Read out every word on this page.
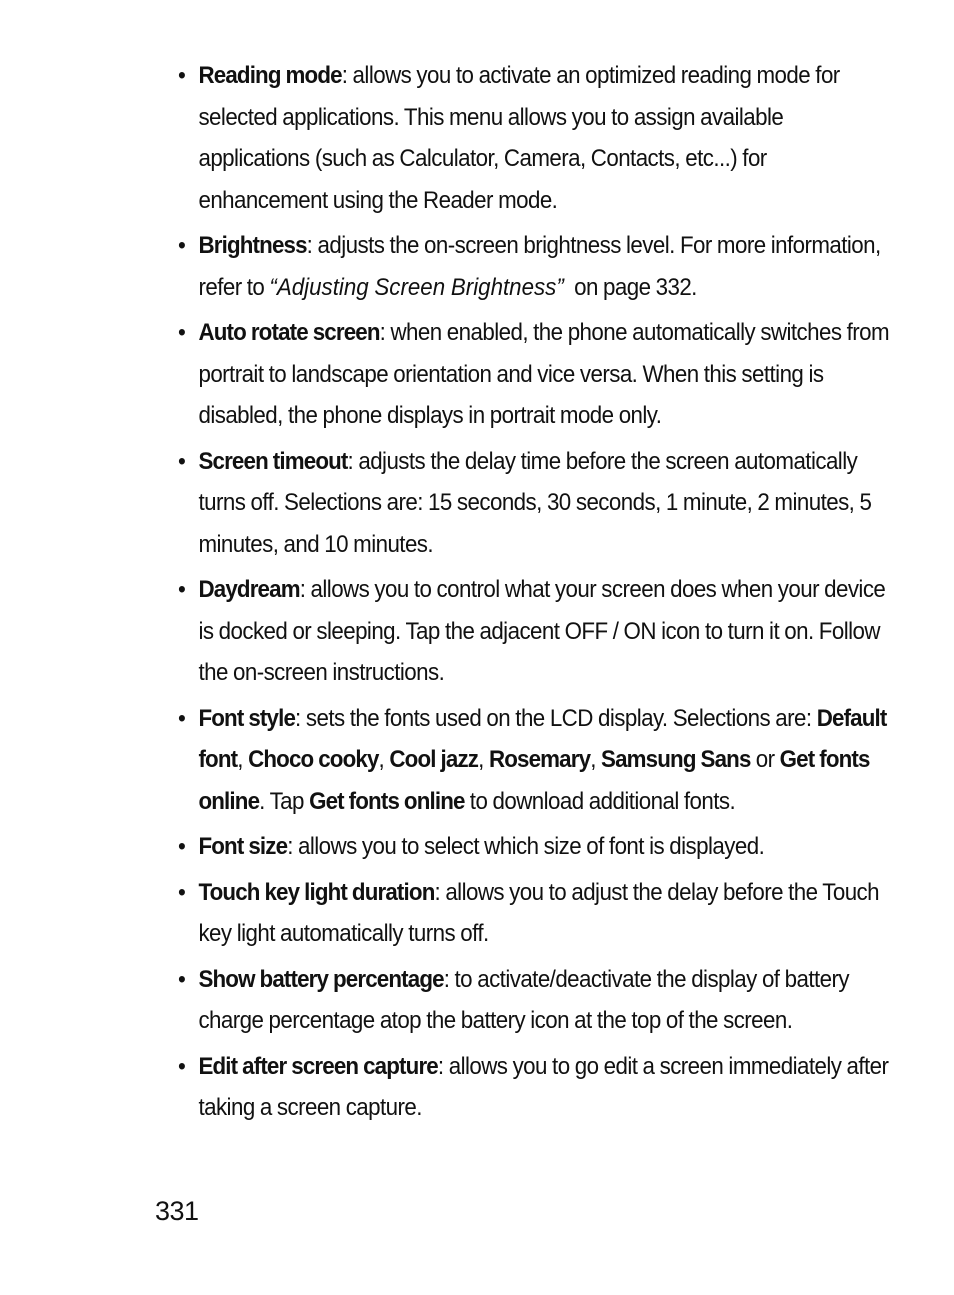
• Reading mode: allows you to activate an optimized reading mode for selected applications. This menu allows you to assign available applications (such as Calculator, Camera, Contacts, etc...) for enhancement using the Reader mode.
• Brightness: adjusts the on-screen brightness level. For more information, refer to “Adjusting Screen Brightness”  on page 332.
• Auto rotate screen: when enabled, the phone automatically switches from portrait to landscape orientation and vice versa. When this setting is disabled, the phone displays in portrait mode only.
• Screen timeout: adjusts the delay time before the screen automatically turns off. Selections are: 15 seconds, 30 seconds, 1 minute, 2 minutes, 5 minutes, and 10 minutes.
• Daydream: allows you to control what your screen does when your device is docked or sleeping. Tap the adjacent OFF / ON icon to turn it on. Follow the on-screen instructions.
• Font style: sets the fonts used on the LCD display. Selections are: Default font, Choco cooky, Cool jazz, Rosemary, Samsung Sans or Get fonts online. Tap Get fonts online to download additional fonts.
• Font size: allows you to select which size of font is displayed.
• Touch key light duration: allows you to adjust the delay before the Touch key light automatically turns off.
• Show battery percentage: to activate/deactivate the display of battery charge percentage atop the battery icon at the top of the screen.
• Edit after screen capture: allows you to go edit a screen immediately after taking a screen capture.
331
